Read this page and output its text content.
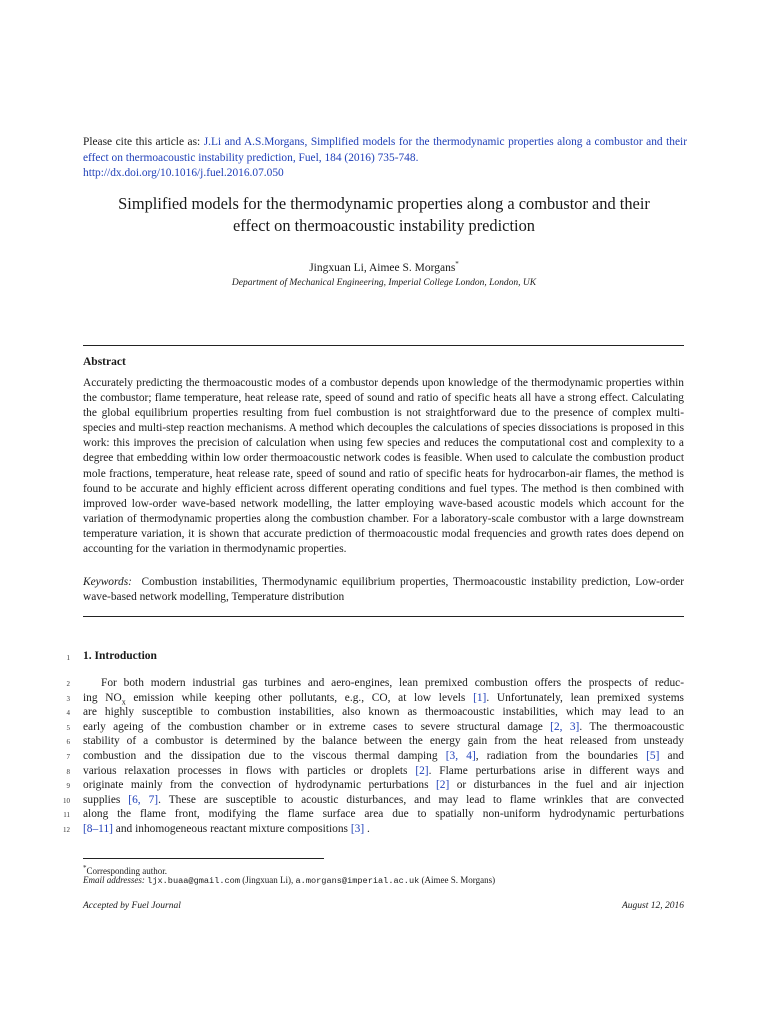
Please cite this article as: J.Li and A.S.Morgans, Simplified models for the thermodynamic properties along a combustor and their effect on thermoacoustic instability prediction, Fuel, 184 (2016) 735-748.
http://dx.doi.org/10.1016/j.fuel.2016.07.050
Simplified models for the thermodynamic properties along a combustor and their
effect on thermoacoustic instability prediction
Jingxuan Li, Aimee S. Morgans*
Department of Mechanical Engineering, Imperial College London, London, UK
Abstract
Accurately predicting the thermoacoustic modes of a combustor depends upon knowledge of the thermodynamic properties within the combustor; flame temperature, heat release rate, speed of sound and ratio of specific heats all have a strong effect. Calculating the global equilibrium properties resulting from fuel combustion is not straightforward due to the presence of complex multi-species and multi-step reaction mechanisms. A method which decouples the calculations of species dissociations is proposed in this work: this improves the precision of calculation when using few species and reduces the computational cost and complexity to a degree that embedding within low order thermoacoustic network codes is feasible. When used to calculate the combustion product mole fractions, temperature, heat release rate, speed of sound and ratio of specific heats for hydrocarbon-air flames, the method is found to be accurate and highly efficient across different operating conditions and fuel types. The method is then combined with improved low-order wave-based network modelling, the latter employing wave-based acoustic models which account for the variation of thermodynamic properties along the combustion chamber. For a laboratory-scale combustor with a large downstream temperature variation, it is shown that accurate prediction of thermoacoustic modal frequencies and growth rates does depend on accounting for the variation in thermodynamic properties.
Keywords: Combustion instabilities, Thermodynamic equilibrium properties, Thermoacoustic instability prediction, Low-order wave-based network modelling, Temperature distribution
1 1. Introduction
2	For both modern industrial gas turbines and aero-engines, lean premixed combustion offers the prospects of reduc-
3 ing $NO_x$ emission while keeping other pollutants, e.g., CO, at low levels [1]. Unfortunately, lean premixed systems
4 are highly susceptible to combustion instabilities, also known as thermoacoustic instabilities, which may lead to an
5 early ageing of the combustion chamber or in extreme cases to severe structural damage [2, 3]. The thermoacoustic
6 stability of a combustor is determined by the balance between the energy gain from the heat released from unsteady
7 combustion and the dissipation due to the viscous thermal damping [3, 4], radiation from the boundaries [5] and
8 various relaxation processes in flows with particles or droplets [2]. Flame perturbations arise in different ways and
9 originate mainly from the convection of hydrodynamic perturbations [2] or disturbances in the fuel and air injection
10 supplies [6, 7]. These are susceptible to acoustic disturbances, and may lead to flame wrinkles that are convected
11 along the flame front, modifying the flame surface area due to spatially non-uniform hydrodynamic perturbations
12 [8–11] and inhomogeneous reactant mixture compositions [3] .
*Corresponding author.
Email addresses: ljx.buaa@gmail.com (Jingxuan Li), a.morgans@imperial.ac.uk (Aimee S. Morgans)
Accepted by Fuel Journal	August 12, 2016
